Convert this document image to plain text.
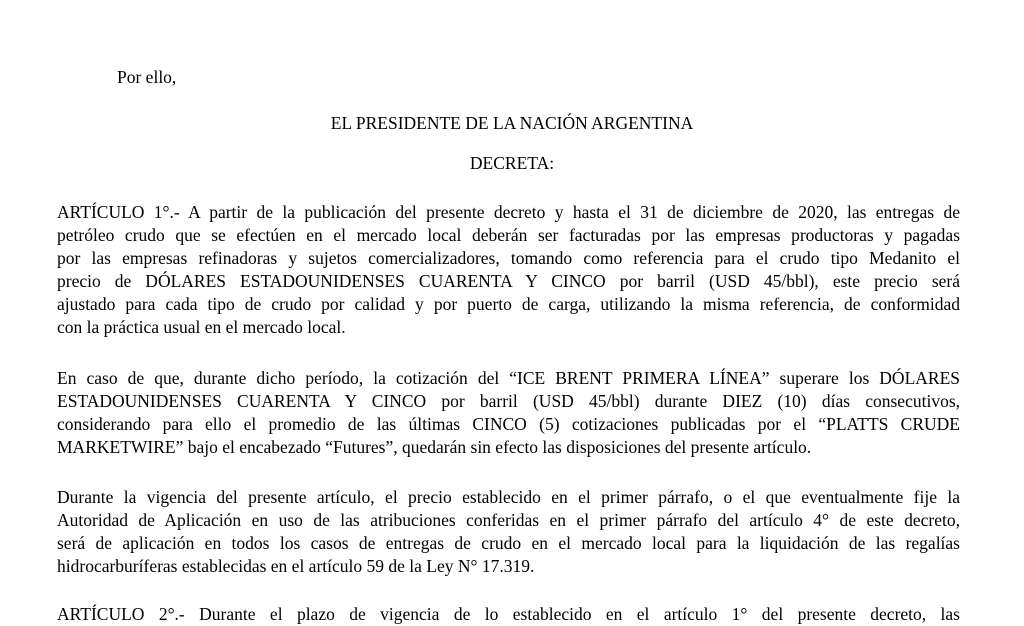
Por ello,
EL PRESIDENTE DE LA NACIÓN ARGENTINA
DECRETA:
ARTÍCULO 1°.- A partir de la publicación del presente decreto y hasta el 31 de diciembre de 2020, las entregas de
petróleo crudo que se efectúen en el mercado local deberán ser facturadas por las empresas productoras y pagadas
por las empresas refinadoras y sujetos comercializadores, tomando como referencia para el crudo tipo Medanito el
precio de DÓLARES ESTADOUNIDENSES CUARENTA Y CINCO por barril (USD 45/bbl), este precio será
ajustado para cada tipo de crudo por calidad y por puerto de carga, utilizando la misma referencia, de conformidad
con la práctica usual en el mercado local.
En caso de que, durante dicho período, la cotización del “ICE BRENT PRIMERA LÍNEA” superare los DÓLARES
ESTADOUNIDENSES CUARENTA Y CINCO por barril (USD 45/bbl) durante DIEZ (10) días consecutivos,
considerando para ello el promedio de las últimas CINCO (5) cotizaciones publicadas por el “PLATTS CRUDE
MARKETWIRE” bajo el encabezado “Futures”, quedarán sin efecto las disposiciones del presente artículo.
Durante la vigencia del presente artículo, el precio establecido en el primer párrafo, o el que eventualmente fije la
Autoridad de Aplicación en uso de las atribuciones conferidas en el primer párrafo del artículo 4° de este decreto,
será de aplicación en todos los casos de entregas de crudo en el mercado local para la liquidación de las regalías
hidrocarburíferas establecidas en el artículo 59 de la Ley N° 17.319.
ARTÍCULO 2°.- Durante el plazo de vigencia de lo establecido en el artículo 1° del presente decreto, las
